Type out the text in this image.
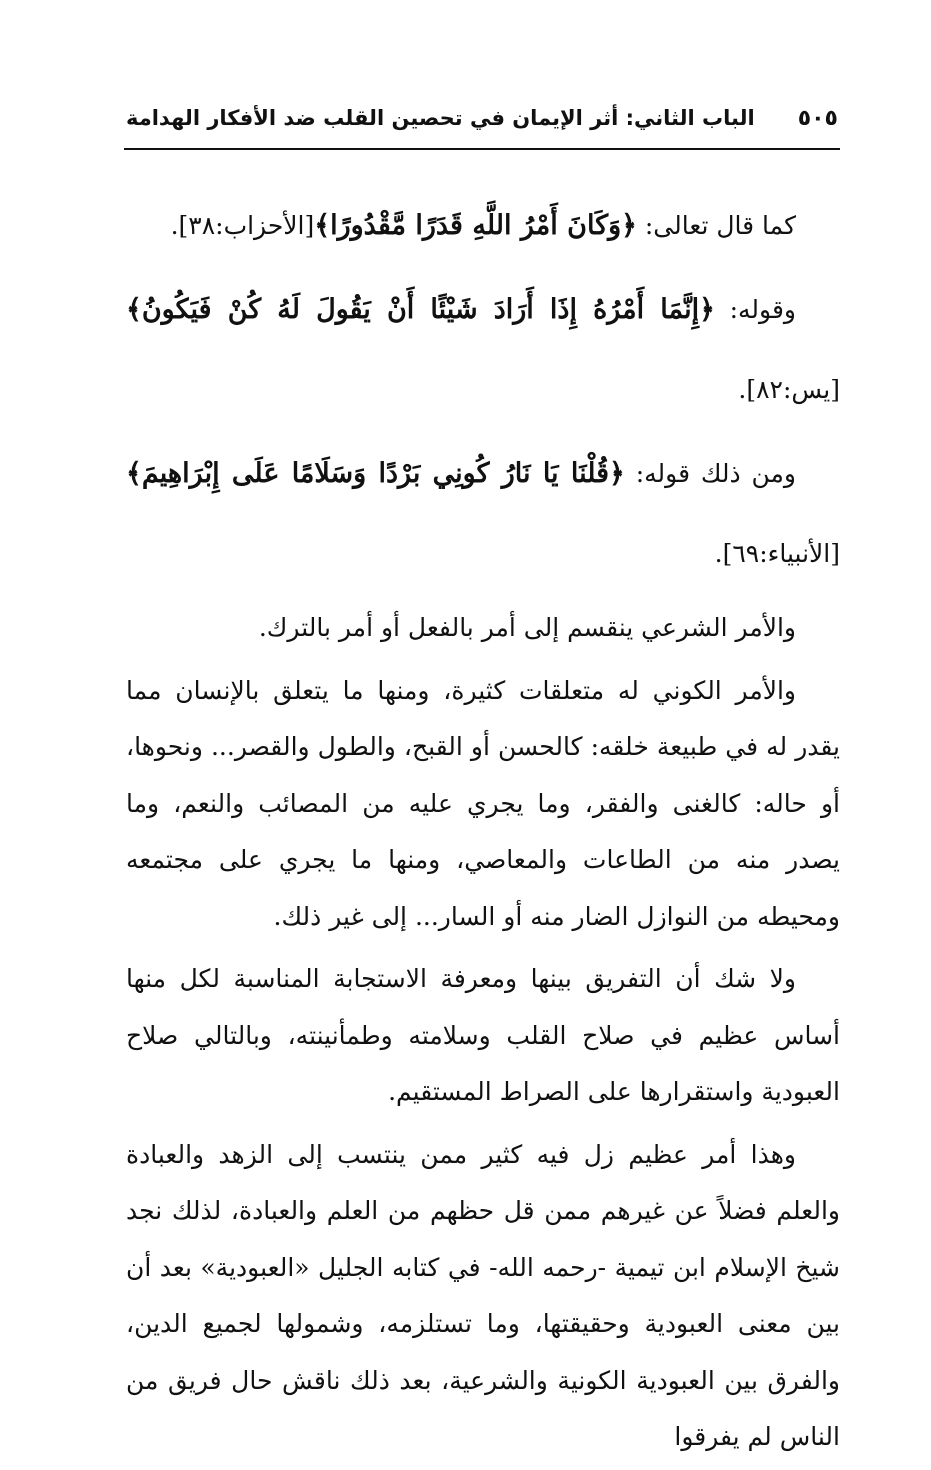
٥٠٥
الباب الثاني: أثر الإيمان في تحصين القلب ضد الأفكار الهدامة

كما قال تعالى: ﴿وَكَانَ أَمْرُ اللَّهِ قَدَرًا مَّقْدُورًا﴾[الأحزاب:٣٨].

وقوله: ﴿إِنَّمَا أَمْرُهُ إِذَا أَرَادَ شَيْئًا أَنْ يَقُولَ لَهُ كُنْ فَيَكُونُ﴾[يس:٨٢].

ومن ذلك قوله: ﴿قُلْنَا يَا نَارُ كُونِي بَرْدًا وَسَلَامًا عَلَى إِبْرَاهِيمَ﴾ [الأنبياء:٦٩].

والأمر الشرعي ينقسم إلى أمر بالفعل أو أمر بالترك.

والأمر الكوني له متعلقات كثيرة، ومنها ما يتعلق بالإنسان مما يقدر له في طبيعة خلقه: كالحسن أو القبح، والطول والقصر... ونحوها، أو حاله: كالغنى والفقر، وما يجري عليه من المصائب والنعم، وما يصدر منه من الطاعات والمعاصي، ومنها ما يجري على مجتمعه ومحيطه من النوازل الضار منه أو السار... إلى غير ذلك.

ولا شك أن التفريق بينها ومعرفة الاستجابة المناسبة لكل منها أساس عظيم في صلاح القلب وسلامته وطمأنينته، وبالتالي صلاح العبودية واستقرارها على الصراط المستقيم.

وهذا أمر عظيم زل فيه كثير ممن ينتسب إلى الزهد والعبادة والعلم فضلاً عن غيرهم ممن قل حظهم من العلم والعبادة، لذلك نجد شيخ الإسلام ابن تيمية -رحمه الله- في كتابه الجليل «العبودية» بعد أن بين معنى العبودية وحقيقتها، وما تستلزمه، وشمولها لجميع الدين، والفرق بين العبودية الكونية والشرعية، بعد ذلك ناقش حال فريق من الناس لم يفرقوا
